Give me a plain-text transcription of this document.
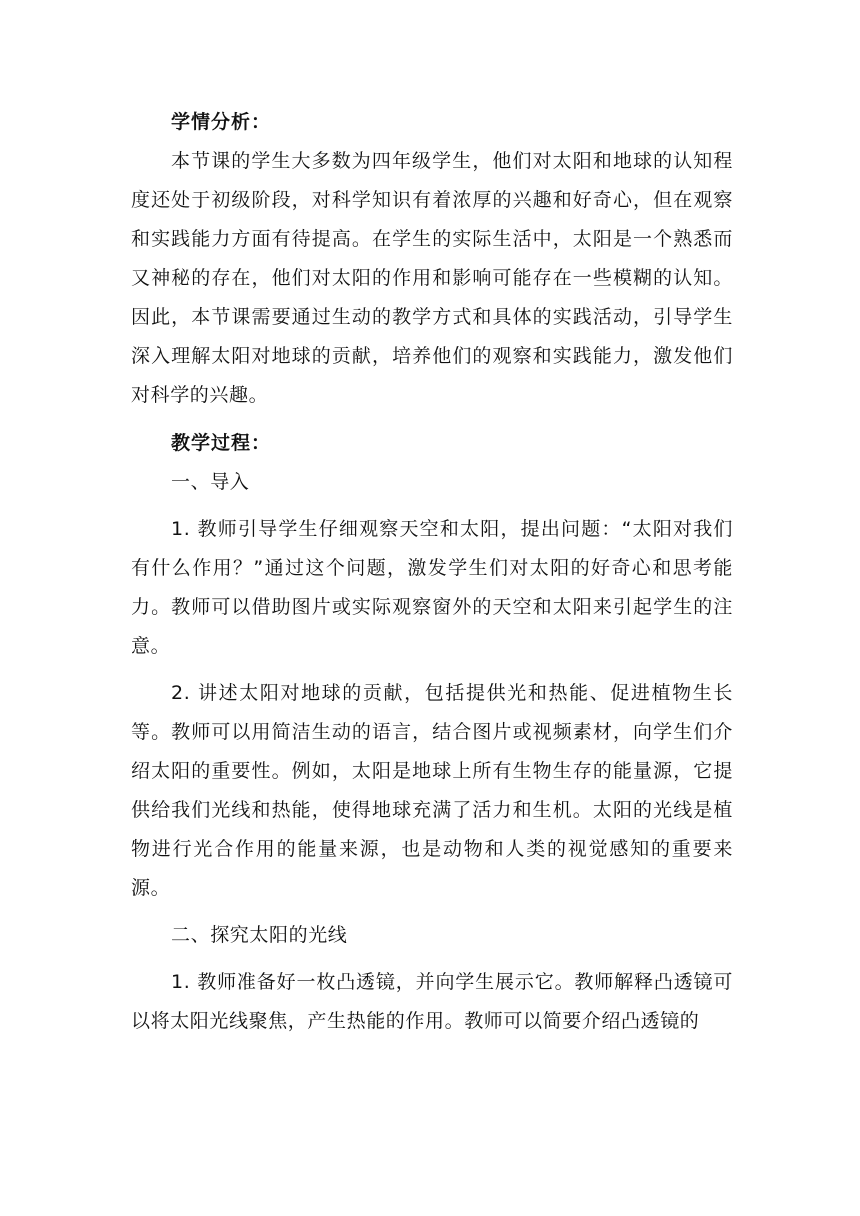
学情分析：

本节课的学生大多数为四年级学生，他们对太阳和地球的认知程度还处于初级阶段，对科学知识有着浓厚的兴趣和好奇心，但在观察和实践能力方面有待提高。在学生的实际生活中，太阳是一个熟悉而又神秘的存在，他们对太阳的作用和影响可能存在一些模糊的认知。因此，本节课需要通过生动的教学方式和具体的实践活动，引导学生深入理解太阳对地球的贡献，培养他们的观察和实践能力，激发他们对科学的兴趣。

教学过程：

一、导入

1. 教师引导学生仔细观察天空和太阳，提出问题：“太阳对我们有什么作用？”通过这个问题，激发学生们对太阳的好奇心和思考能力。教师可以借助图片或实际观察窗外的天空和太阳来引起学生的注意。

2. 讲述太阳对地球的贡献，包括提供光和热能、促进植物生长等。教师可以用简洁生动的语言，结合图片或视频素材，向学生们介绍太阳的重要性。例如，太阳是地球上所有生物生存的能量源，它提供给我们光线和热能，使得地球充满了活力和生机。太阳的光线是植物进行光合作用的能量来源，也是动物和人类的视觉感知的重要来源。

二、探究太阳的光线

1. 教师准备好一枚凸透镜，并向学生展示它。教师解释凸透镜可以将太阳光线聚焦，产生热能的作用。教师可以简要介绍凸透镜的
